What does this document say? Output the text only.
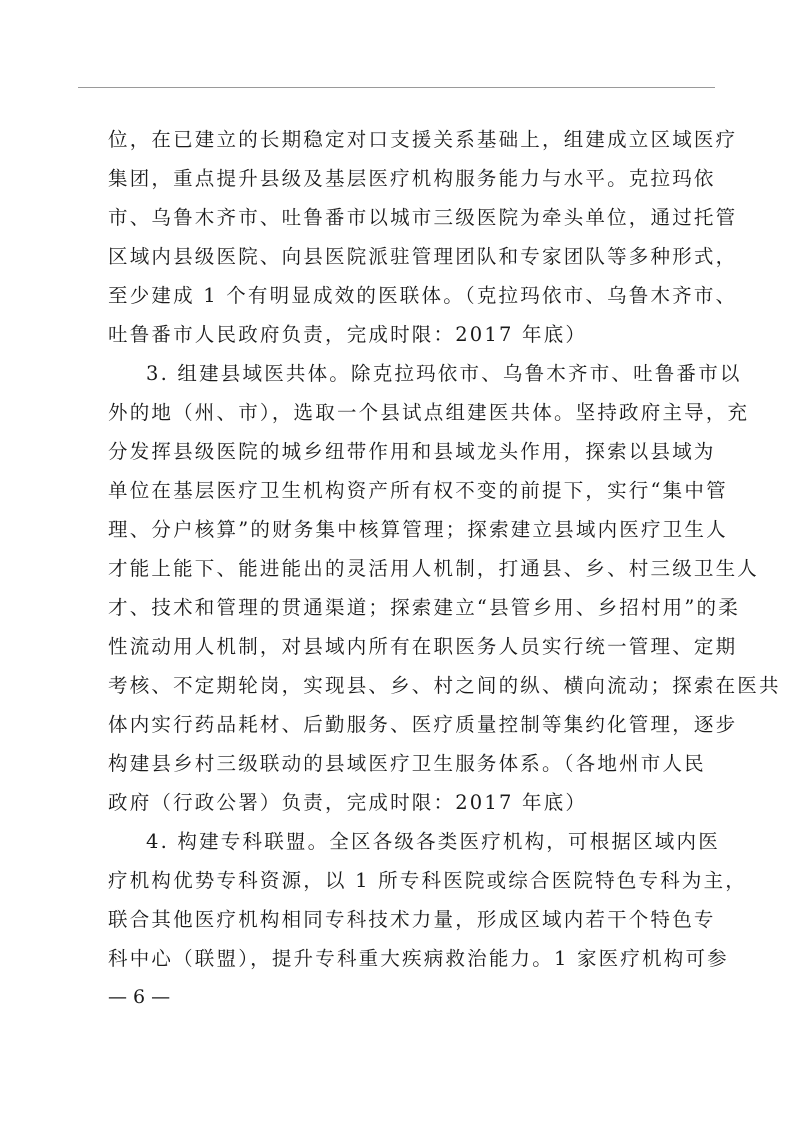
位，在已建立的长期稳定对口支援关系基础上，组建成立区域医疗
集团，重点提升县级及基层医疗机构服务能力与水平。克拉玛依
市、乌鲁木齐市、吐鲁番市以城市三级医院为牵头单位，通过托管
区域内县级医院、向县医院派驻管理团队和专家团队等多种形式，
至少建成 1 个有明显成效的医联体。（克拉玛依市、乌鲁木齐市、
吐鲁番市人民政府负责，完成时限：2017 年底）
3. 组建县域医共体。除克拉玛依市、乌鲁木齐市、吐鲁番市以
外的地（州、市），选取一个县试点组建医共体。坚持政府主导，充
分发挥县级医院的城乡纽带作用和县域龙头作用，探索以县域为
单位在基层医疗卫生机构资产所有权不变的前提下，实行“集中管
理、分户核算”的财务集中核算管理；探索建立县域内医疗卫生人
才能上能下、能进能出的灵活用人机制，打通县、乡、村三级卫生人
才、技术和管理的贯通渠道；探索建立“县管乡用、乡招村用”的柔
性流动用人机制，对县域内所有在职医务人员实行统一管理、定期
考核、不定期轮岗，实现县、乡、村之间的纵、横向流动；探索在医共
体内实行药品耗材、后勤服务、医疗质量控制等集约化管理，逐步
构建县乡村三级联动的县域医疗卫生服务体系。（各地州市人民
政府（行政公署）负责，完成时限：2017 年底）
4. 构建专科联盟。全区各级各类医疗机构，可根据区域内医
疗机构优势专科资源，以 1 所专科医院或综合医院特色专科为主，
联合其他医疗机构相同专科技术力量，形成区域内若干个特色专
科中心（联盟），提升专科重大疾病救治能力。1 家医疗机构可参
— 6 —
